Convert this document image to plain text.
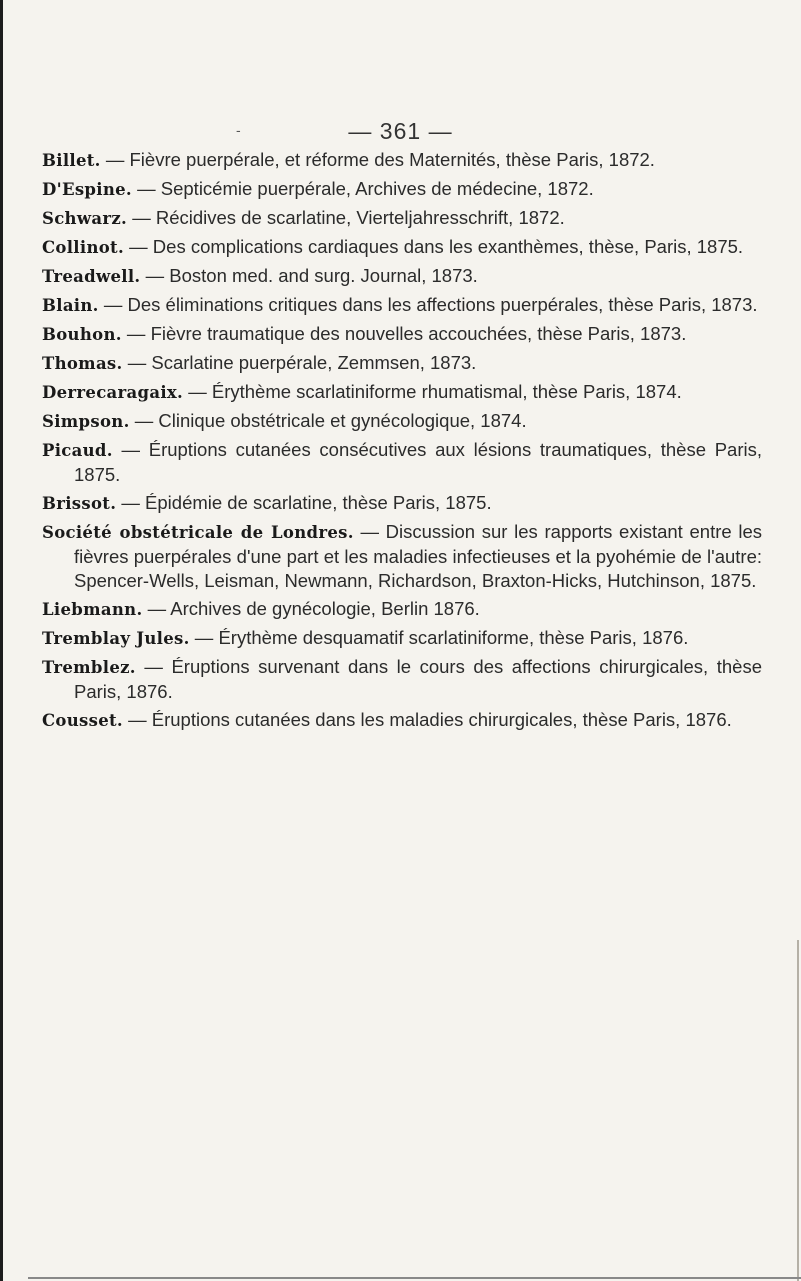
-	— 361 —
Billet. — Fièvre puerpérale, et réforme des Maternités, thèse Paris, 1872.
D'Espine. — Septicémie puerpérale, Archives de médecine, 1872.
Schwarz. — Récidives de scarlatine, Vierteljahresschrift, 1872.
Collinot. — Des complications cardiaques dans les exanthèmes, thèse, Paris, 1875.
Treadwell. — Boston med. and surg. Journal, 1873.
Blain. — Des éliminations critiques dans les affections puerpérales, thèse Paris, 1873.
Bouhon. — Fièvre traumatique des nouvelles accouchées, thèse Paris, 1873.
Thomas. — Scarlatine puerpérale, Zemmsen, 1873.
Derrecaragaix. — Érythème scarlatiniforme rhumatismal, thèse Paris, 1874.
Simpson. — Clinique obstétricale et gynécologique, 1874.
Picaud. — Éruptions cutanées consécutives aux lésions traumatiques, thèse Paris, 1875.
Brissot. — Épidémie de scarlatine, thèse Paris, 1875.
Société obstétricale de Londres. — Discussion sur les rapports existant entre les fièvres puerpérales d'une part et les maladies infectieuses et la pyohémie de l'autre: Spencer-Wells, Leisman, Newmann, Richardson, Braxton-Hicks, Hutchinson, 1875.
Liebmann. — Archives de gynécologie, Berlin 1876.
Tremblay Jules. — Érythème desquamatif scarlatiniforme, thèse Paris, 1876.
Tremblez. — Éruptions survenant dans le cours des affections chirurgicales, thèse Paris, 1876.
Cousset. — Éruptions cutanées dans les maladies chirurgicales, thèse Paris, 1876.
